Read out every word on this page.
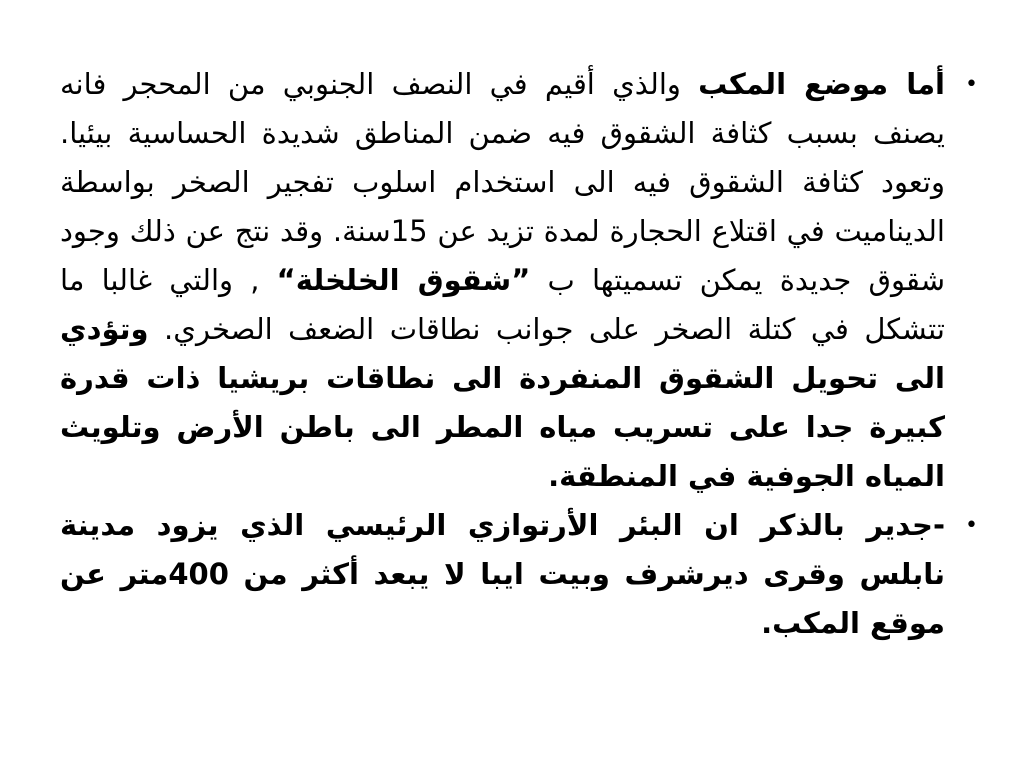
•
أما موضع المكب والذي أقيم في النصف الجنوبي من المحجر فانه يصنف بسبب كثافة الشقوق فيه ضمن المناطق شديدة الحساسية بيئيا. وتعود كثافة الشقوق فيه الى استخدام اسلوب تفجير الصخر بواسطة الديناميت في اقتلاع الحجارة لمدة تزيد عن 15سنة. وقد نتج عن ذلك وجود شقوق جديدة يمكن تسميتها ب ”شقوق الخلخلة“ , والتي غالبا ما تتشكل في كتلة الصخر على جوانب نطاقات الضعف الصخري. وتؤدي الى تحويل الشقوق المنفردة الى نطاقات بريشيا ذات قدرة كبيرة جدا على تسريب مياه المطر الى باطن الأرض وتلويث المياه الجوفية في المنطقة.
•
-جدير بالذكر ان البئر الأرتوازي الرئيسي الذي يزود مدينة نابلس وقرى ديرشرف وبيت ايبا لا يبعد أكثر من 400متر عن موقع المكب.
